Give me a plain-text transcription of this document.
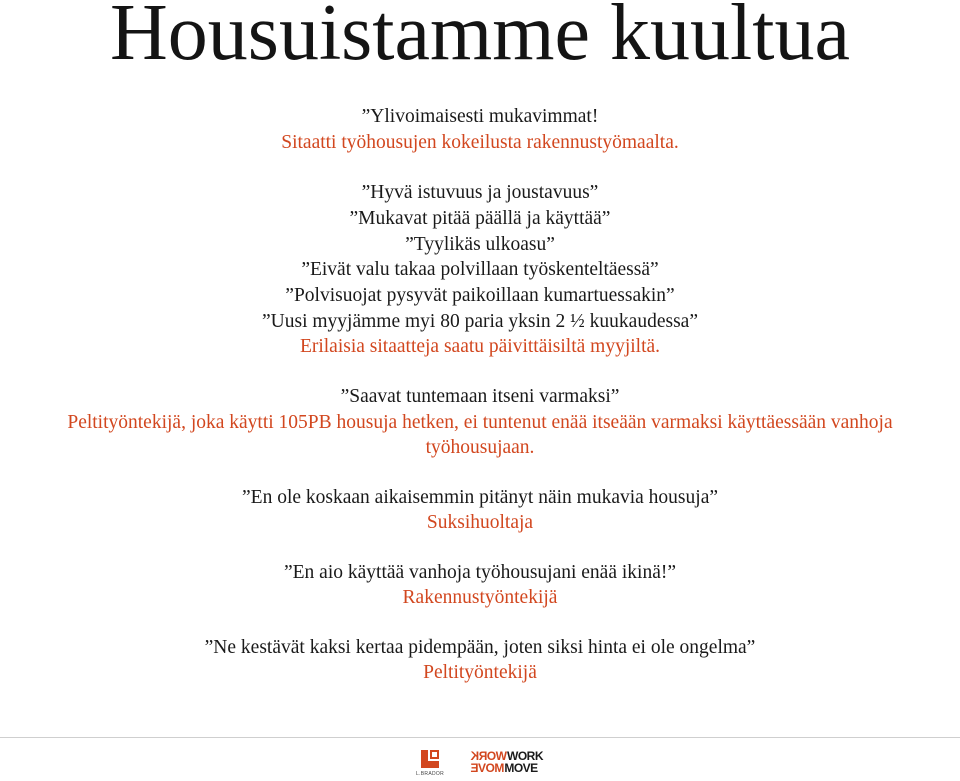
Housuistamme kuultua
”Ylivoimaisesti mukavimmat!
Sitaatti työhousujen kokeilusta rakennustyömaalta.
”Hyvä istuvuus ja joustavuus”
”Mukavat pitää päällä ja käyttää”
”Tyylikäs ulkoasu”
”Eivät valu takaa polvillaan työskenteltäessä”
”Polvisuojat pysyvät paikoillaan kumartuessakin”
”Uusi myyjämme myi 80 paria yksin 2 ½ kuukaudessa”
Erilaisia sitaatteja saatu päivittäisiltä myyjiltä.
”Saavat tuntemaan itseni varmaksi”
Peltityöntekijä, joka käytti 105PB housuja hetken, ei tuntenut enää itseään varmaksi käyttäessään vanhoja työhousujaan.
”En ole koskaan aikaisemmin pitänyt näin mukavia housuja”
Suksihuoltaja
”En aio käyttää vanhoja työhousujani enää ikinä!”
Rakennustyöntekijä
”Ne kestävät kaksi kertaa pidempään, joten siksi hinta ei ole ongelma”
Peltityöntekijä
L.BRADOR
WORK WORK
MOVE MOVE
